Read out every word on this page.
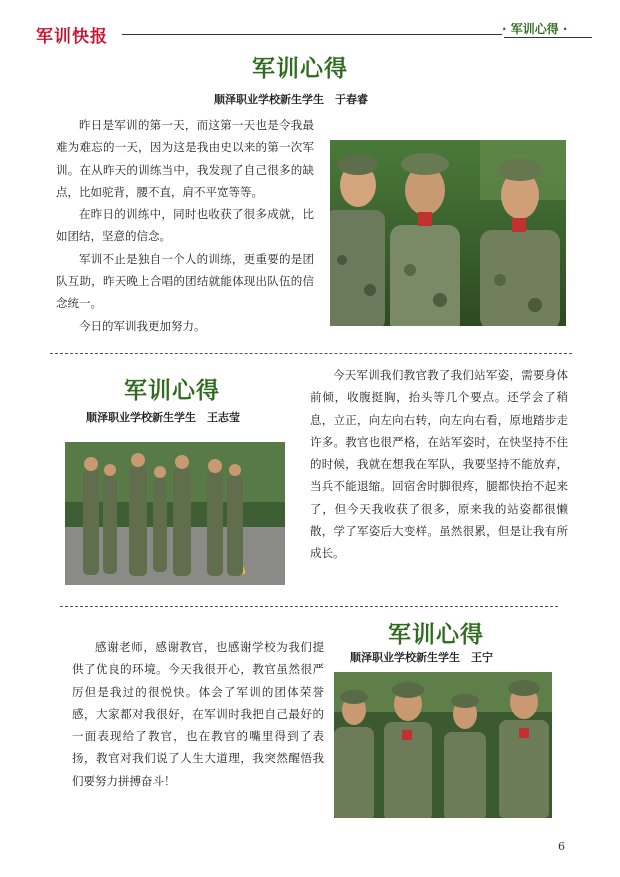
军训快报	· 军训心得 ·
军训心得
顺泽职业学校新生学生　于春睿

昨日是军训的第一天，而这第一天也是令我最难为难忘的一天，因为这是我由史以来的第一次军训。在从昨天的训练当中，我发现了自己很多的缺点，比如驼背，腰不直，肩不平宽等等。

在昨日的训练中，同时也收获了很多成就，比如团结，坚意的信念。

军训不止是独自一个人的训练，更重要的是团队互助，昨天晚上合唱的团结就能体现出队伍的信念统一。

今日的军训我更加努力。

军训心得
顺泽职业学校新生学生　王志莹

今天军训我们教官教了我们站军姿，需要身体前倾，收腹挺胸，抬头等几个要点。还学会了稍息，立正，向左向右转，向左向右看，原地踏步走许多。教官也很严格，在站军姿时，在快坚持不住的时候，我就在想我在军队，我要坚持不能放弃，当兵不能退缩。回宿舍时脚很疼，腿都快抬不起来了，但今天我收获了很多，原来我的站姿都很懒散，学了军姿后大变样。虽然很累，但是让我有所成长。

军训心得
顺泽职业学校新生学生　王宁

感谢老师，感谢教官，也感谢学校为我们提供了优良的环境。今天我很开心，教官虽然很严厉但是我过的很悦快。体会了军训的团体荣誉感，大家都对我很好，在军训时我把自己最好的一面表现给了教官，也在教官的嘴里得到了表扬，教官对我们说了人生大道理，我突然醒悟我们要努力拼搏奋斗！

6
